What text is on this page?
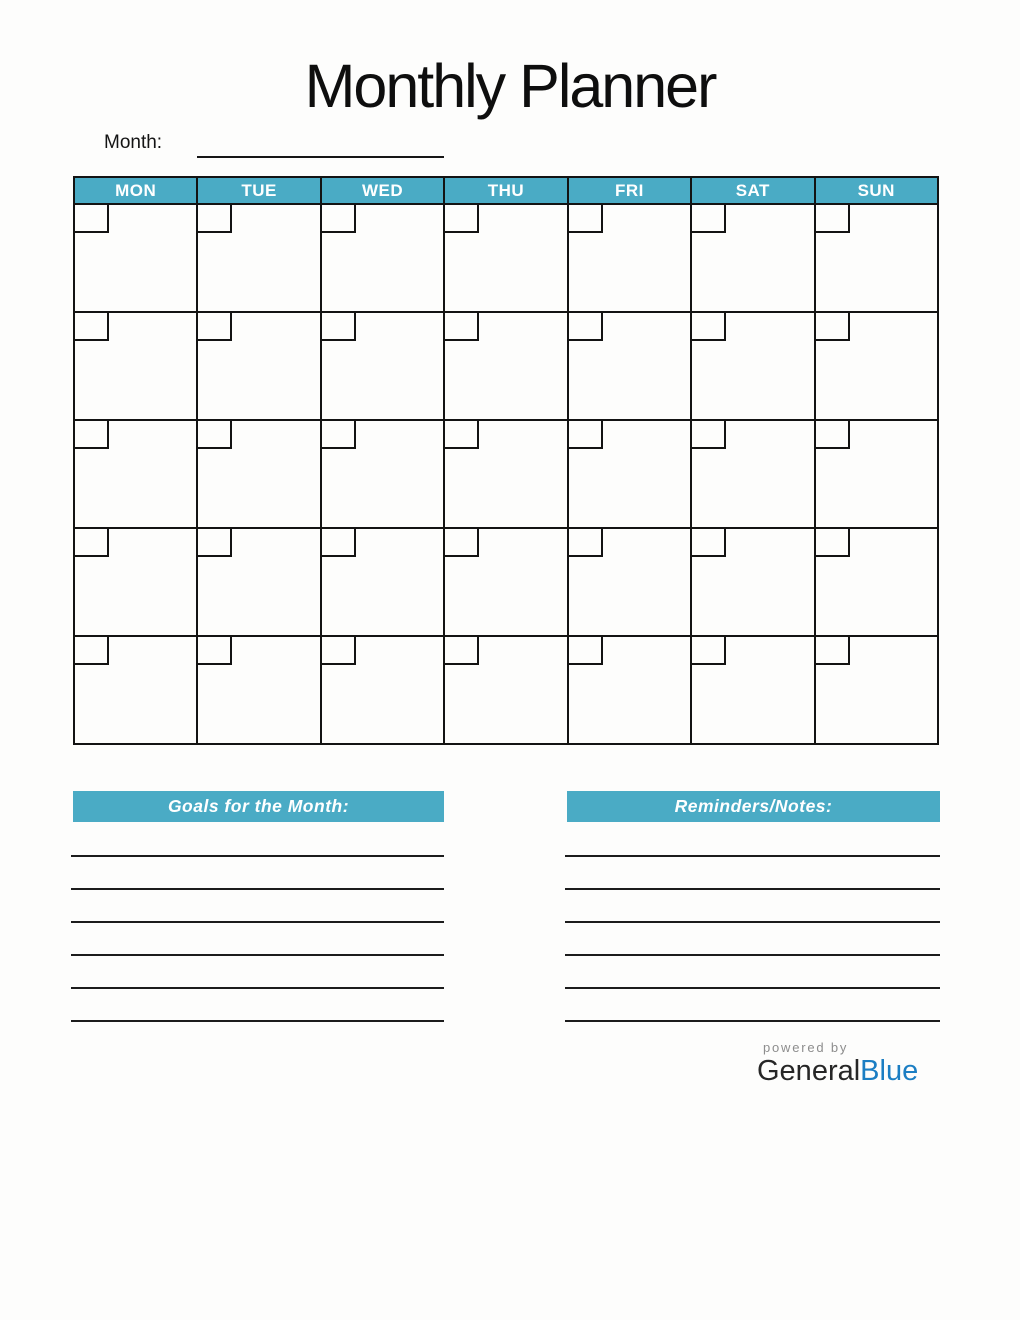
Monthly Planner
Month:
MON	TUE	WED	THU	FRI	SAT	SUN

Goals for the Month:	Reminders/Notes:
powered by
GeneralBlue
